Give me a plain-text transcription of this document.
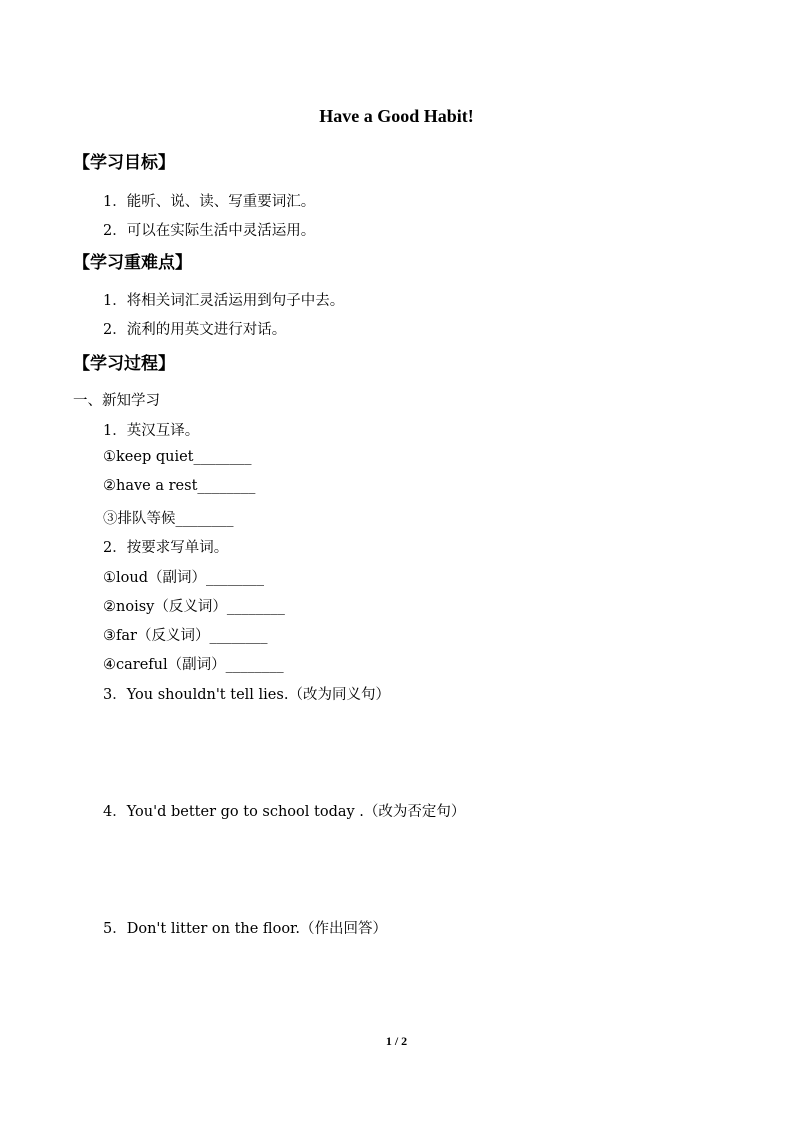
Have a Good Habit!
【学习目标】
1．能听、说、读、写重要词汇。
2．可以在实际生活中灵活运用。
【学习重难点】
1．将相关词汇灵活运用到句子中去。
2．流利的用英文进行对话。
【学习过程】
一、新知学习
1．英汉互译。
①keep quiet________
②have a rest________
③排队等候________
2．按要求写单词。
①loud（副词）________
②noisy（反义词）________
③far（反义词）________
④careful（副词）________
3．You shouldn't tell lies.（改为同义句）
4．You'd better go to school today .（改为否定句）
5．Don't litter on the floor.（作出回答）
1 / 2
